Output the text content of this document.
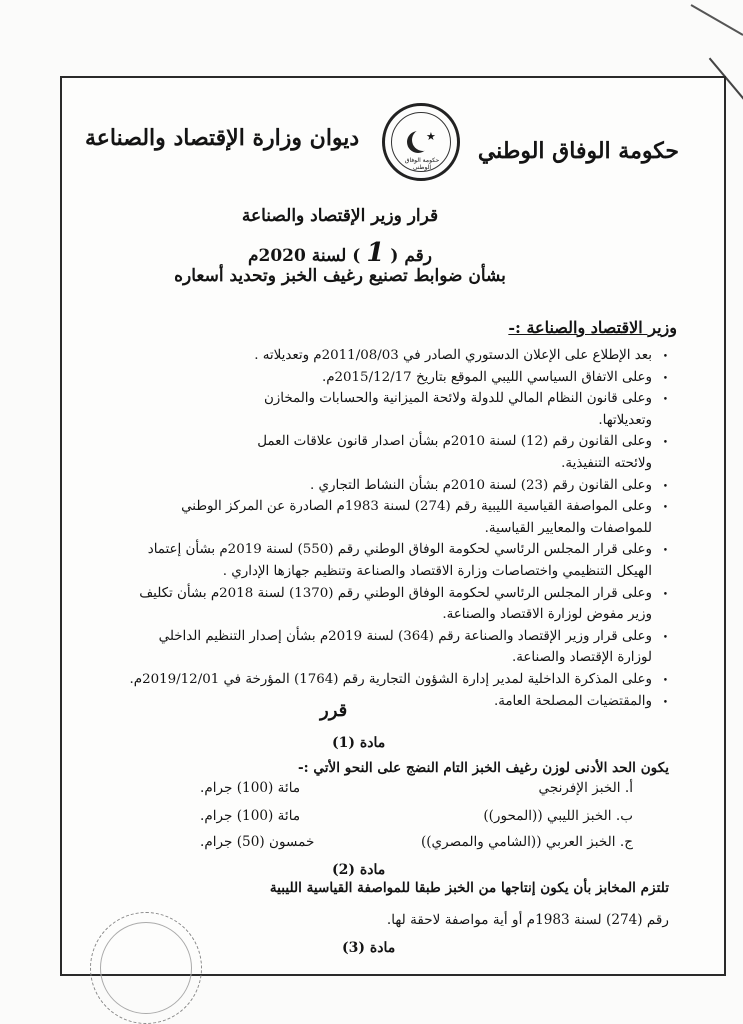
ديوان وزارة الإقتصاد والصناعة	حكومة الوفاق الوطني
★
حكومة الوفاق الوطني
قرار وزير الإقتصاد والصناعة
رقم (1) لسنة 2020م
بشأن ضوابط تصنيع رغيف الخبز وتحديد أسعاره
وزير الاقتصاد والصناعة :-
•بعد الإطلاع على الإعلان الدستوري الصادر في 2011/08/03م وتعديلاته .
•وعلى الاتفاق السياسي الليبي الموقع بتاريخ 2015/12/17م.
•وعلى قانون النظام المالي للدولة ولائحة الميزانية والحسابات والمخازن
وتعديلاتها.
•وعلى القانون رقم (12) لسنة 2010م بشأن اصدار قانون علاقات العمل
ولائحته التنفيذية.
•وعلى القانون رقم (23) لسنة 2010م بشأن النشاط التجاري .
•وعلى المواصفة القياسية الليبية رقم (274) لسنة 1983م الصادرة عن المركز الوطني
للمواصفات والمعايير القياسية.
•وعلى قرار المجلس الرئاسي لحكومة الوفاق الوطني رقم (550) لسنة 2019م بشأن إعتماد
الهيكل التنظيمي واختصاصات وزارة الاقتصاد والصناعة وتنظيم جهازها الإداري .
•وعلى قرار المجلس الرئاسي لحكومة الوفاق الوطني رقم (1370) لسنة 2018م بشأن تكليف
وزير مفوض لوزارة الاقتصاد والصناعة.
•وعلى قرار وزير الإقتصاد والصناعة رقم (364) لسنة 2019م بشأن إصدار التنظيم الداخلي
لوزارة الإقتصاد والصناعة.
•وعلى المذكرة الداخلية لمدير إدارة الشؤون التجارية رقم (1764) المؤرخة في 2019/12/01م.
•والمقتضيات المصلحة العامة.
قرر
مادة (1)
يكون الحد الأدنى لوزن رغيف الخبز التام النضج على النحو الأتي :-
أ. الخبز الإفرنجي
مائة (100) جرام.
ب. الخبز الليبي ((المحور))
مائة (100) جرام.
ج. الخبز العربي ((الشامي والمصري))
خمسون (50) جرام.
مادة (2)
تلتزم المخابز بأن يكون إنتاجها من الخبز طبقا للمواصفة القياسية الليبية
رقم (274) لسنة 1983م أو أية مواصفة لاحقة لها.
مادة (3)
